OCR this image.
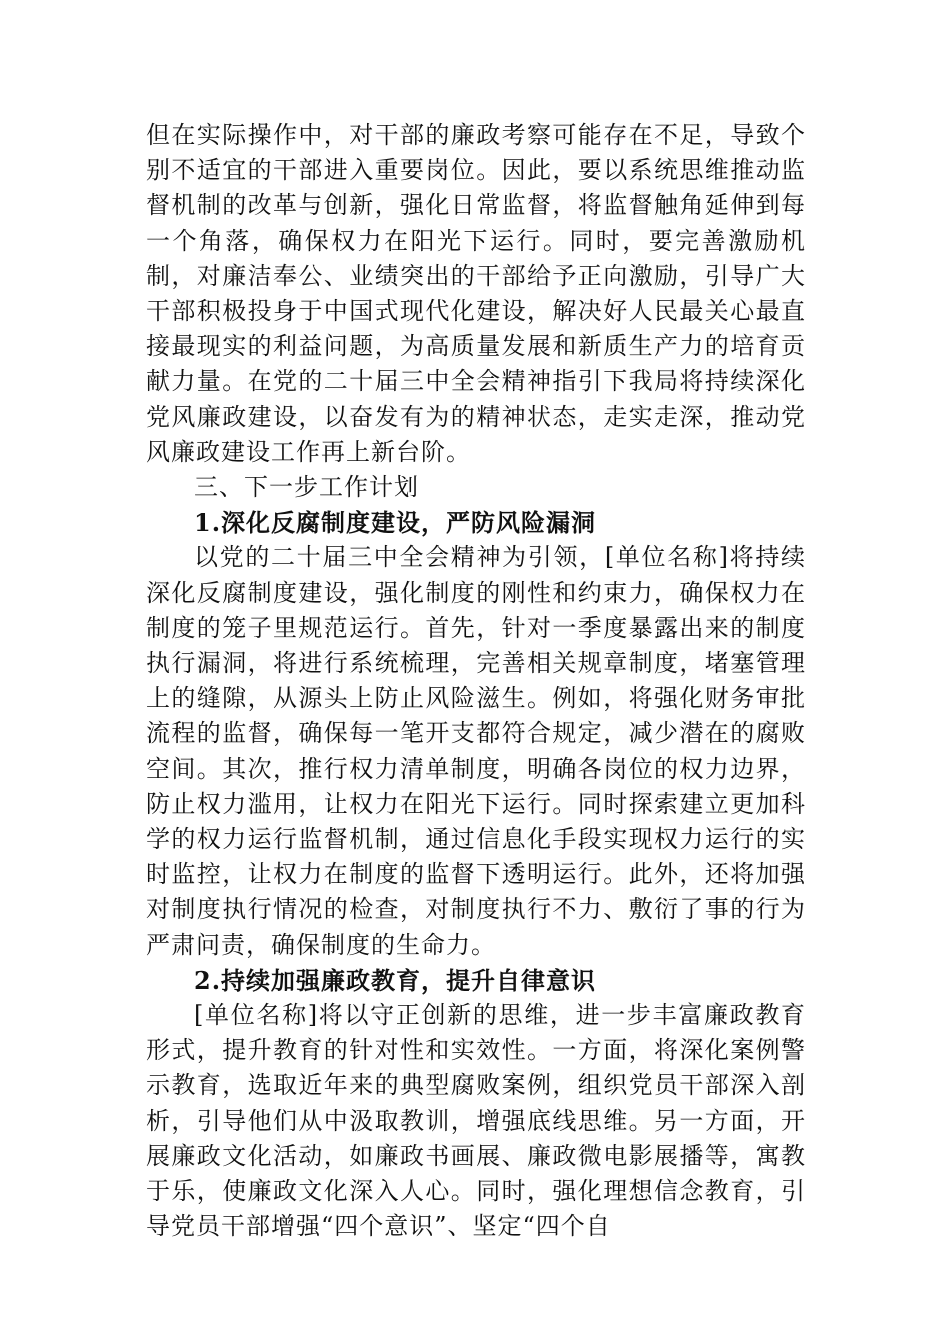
但在实际操作中，对干部的廉政考察可能存在不足，导致个别不适宜的干部进入重要岗位。因此，要以系统思维推动监督机制的改革与创新，强化日常监督，将监督触角延伸到每一个角落，确保权力在阳光下运行。同时，要完善激励机制，对廉洁奉公、业绩突出的干部给予正向激励，引导广大干部积极投身于中国式现代化建设，解决好人民最关心最直接最现实的利益问题，为高质量发展和新质生产力的培育贡献力量。在党的二十届三中全会精神指引下我局将持续深化党风廉政建设，以奋发有为的精神状态，走实走深，推动党风廉政建设工作再上新台阶。

三、下一步工作计划

1.深化反腐制度建设，严防风险漏洞

以党的二十届三中全会精神为引领，[单位名称]将持续深化反腐制度建设，强化制度的刚性和约束力，确保权力在制度的笼子里规范运行。首先，针对一季度暴露出来的制度执行漏洞，将进行系统梳理，完善相关规章制度，堵塞管理上的缝隙，从源头上防止风险滋生。例如，将强化财务审批流程的监督，确保每一笔开支都符合规定，减少潜在的腐败空间。其次，推行权力清单制度，明确各岗位的权力边界，防止权力滥用，让权力在阳光下运行。同时探索建立更加科学的权力运行监督机制，通过信息化手段实现权力运行的实时监控，让权力在制度的监督下透明运行。此外，还将加强对制度执行情况的检查，对制度执行不力、敷衍了事的行为严肃问责，确保制度的生命力。

2.持续加强廉政教育，提升自律意识

[单位名称]将以守正创新的思维，进一步丰富廉政教育形式，提升教育的针对性和实效性。一方面，将深化案例警示教育，选取近年来的典型腐败案例，组织党员干部深入剖析，引导他们从中汲取教训，增强底线思维。另一方面，开展廉政文化活动，如廉政书画展、廉政微电影展播等，寓教于乐，使廉政文化深入人心。同时，强化理想信念教育，引导党员干部增强“四个意识”、坚定“四个自
